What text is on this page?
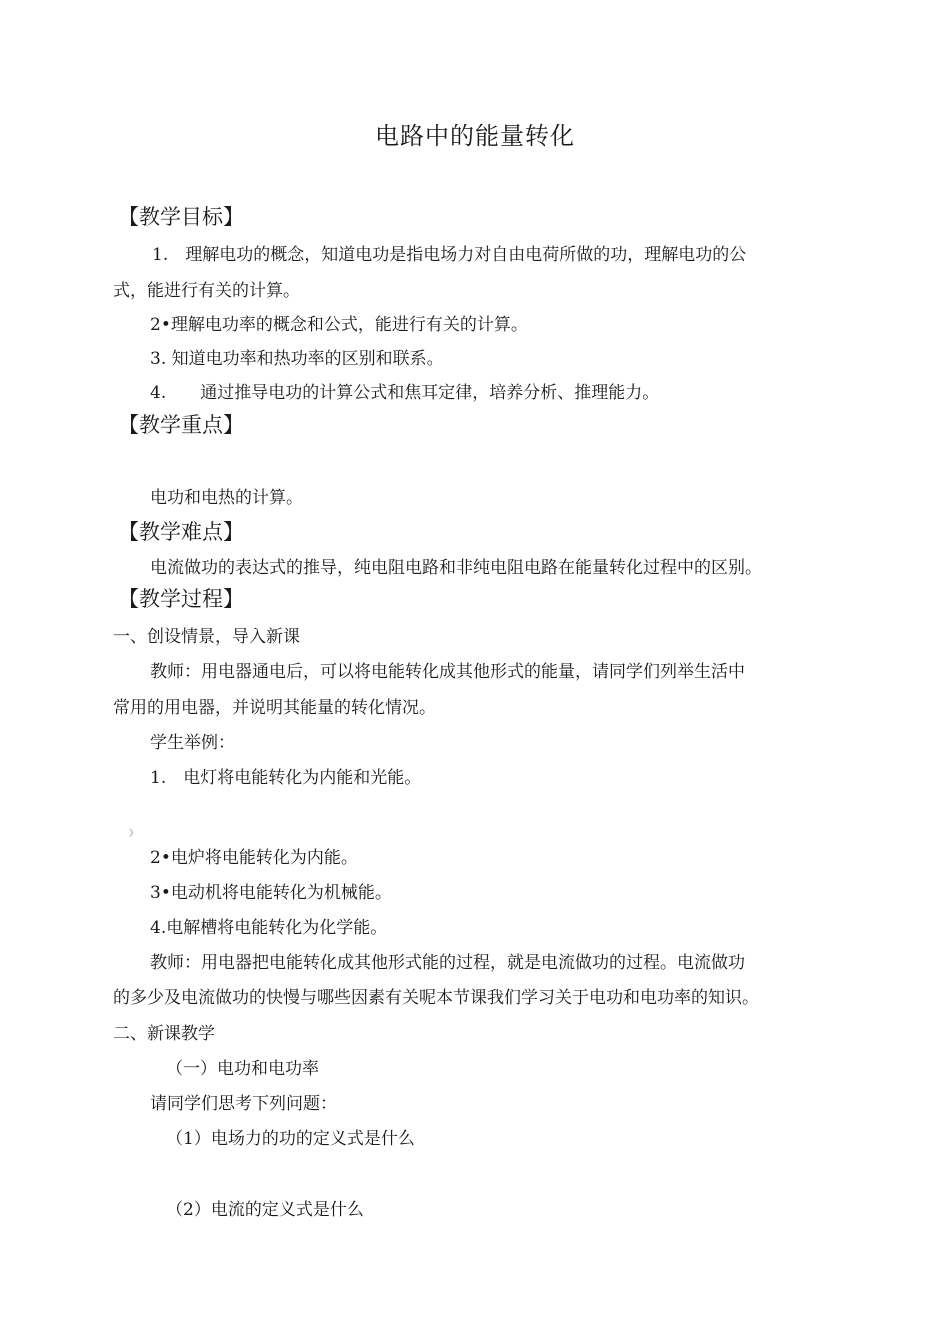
电路中的能量转化
【教学目标】
1.　理解电功的概念，知道电功是指电场力对自由电荷所做的功，理解电功的公
式，能进行有关的计算。
2•理解电功率的概念和公式，能进行有关的计算。
3. 知道电功率和热功率的区别和联系。
4.　　通过推导电功的计算公式和焦耳定律，培养分析、推理能力。
【教学重点】
电功和电热的计算。
【教学难点】
电流做功的表达式的推导，纯电阻电路和非纯电阻电路在能量转化过程中的区别。
【教学过程】
一、创设情景，导入新课
教师：用电器通电后，可以将电能转化成其他形式的能量，请同学们列举生活中
常用的用电器，并说明其能量的转化情况。
学生举例：
1.　电灯将电能转化为内能和光能。
》
2•电炉将电能转化为内能。
3•电动机将电能转化为机械能。
4.电解槽将电能转化为化学能。
教师：用电器把电能转化成其他形式能的过程，就是电流做功的过程。电流做功
的多少及电流做功的快慢与哪些因素有关呢本节课我们学习关于电功和电功率的知识。
二、新课教学
（一）电功和电功率
请同学们思考下列问题：
（1）电场力的功的定义式是什么
（2）电流的定义式是什么
